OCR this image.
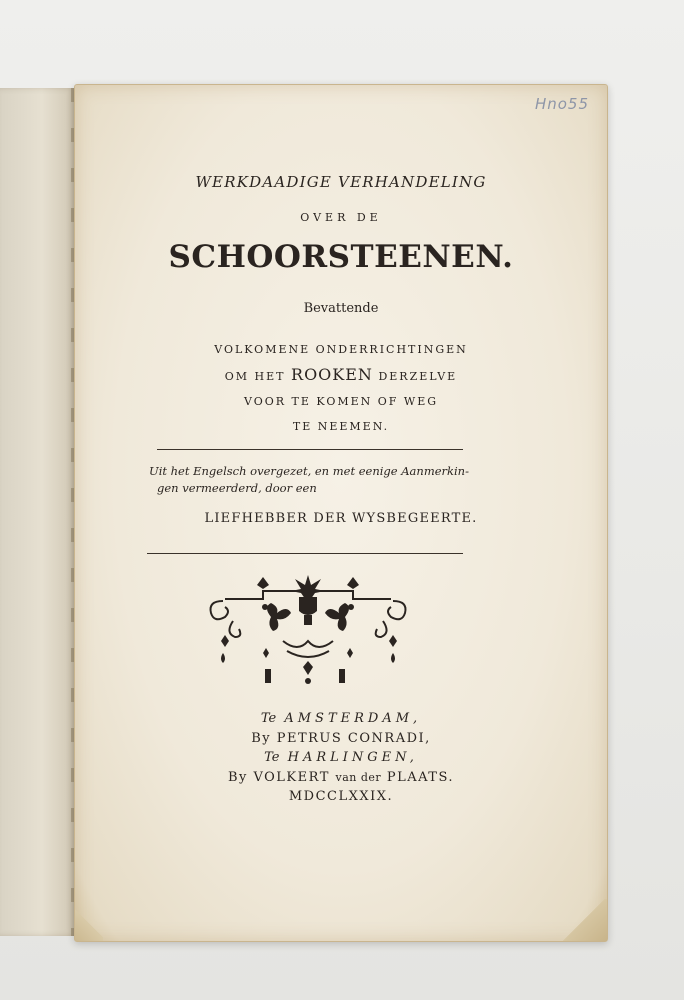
Hno55
WERKDAADIGE VERHANDELING
OVER DE
SCHOORSTEENEN.
Bevattende
VOLKOMENE ONDERRICHTINGEN
OM HET ROOKEN DERZELVE
VOOR TE KOMEN OF WEG
TE NEEMEN.
Uit het Engelsch overgezet, en met eenige Aanmerkin-
gen vermeerderd, door een
LIEFHEBBER DER WYSBEGEERTE.
Te AMSTERDAM,
By PETRUS CONRADI,
Te HARLINGEN,
By VOLKERT van der PLAATS.
MDCCLXXIX.
